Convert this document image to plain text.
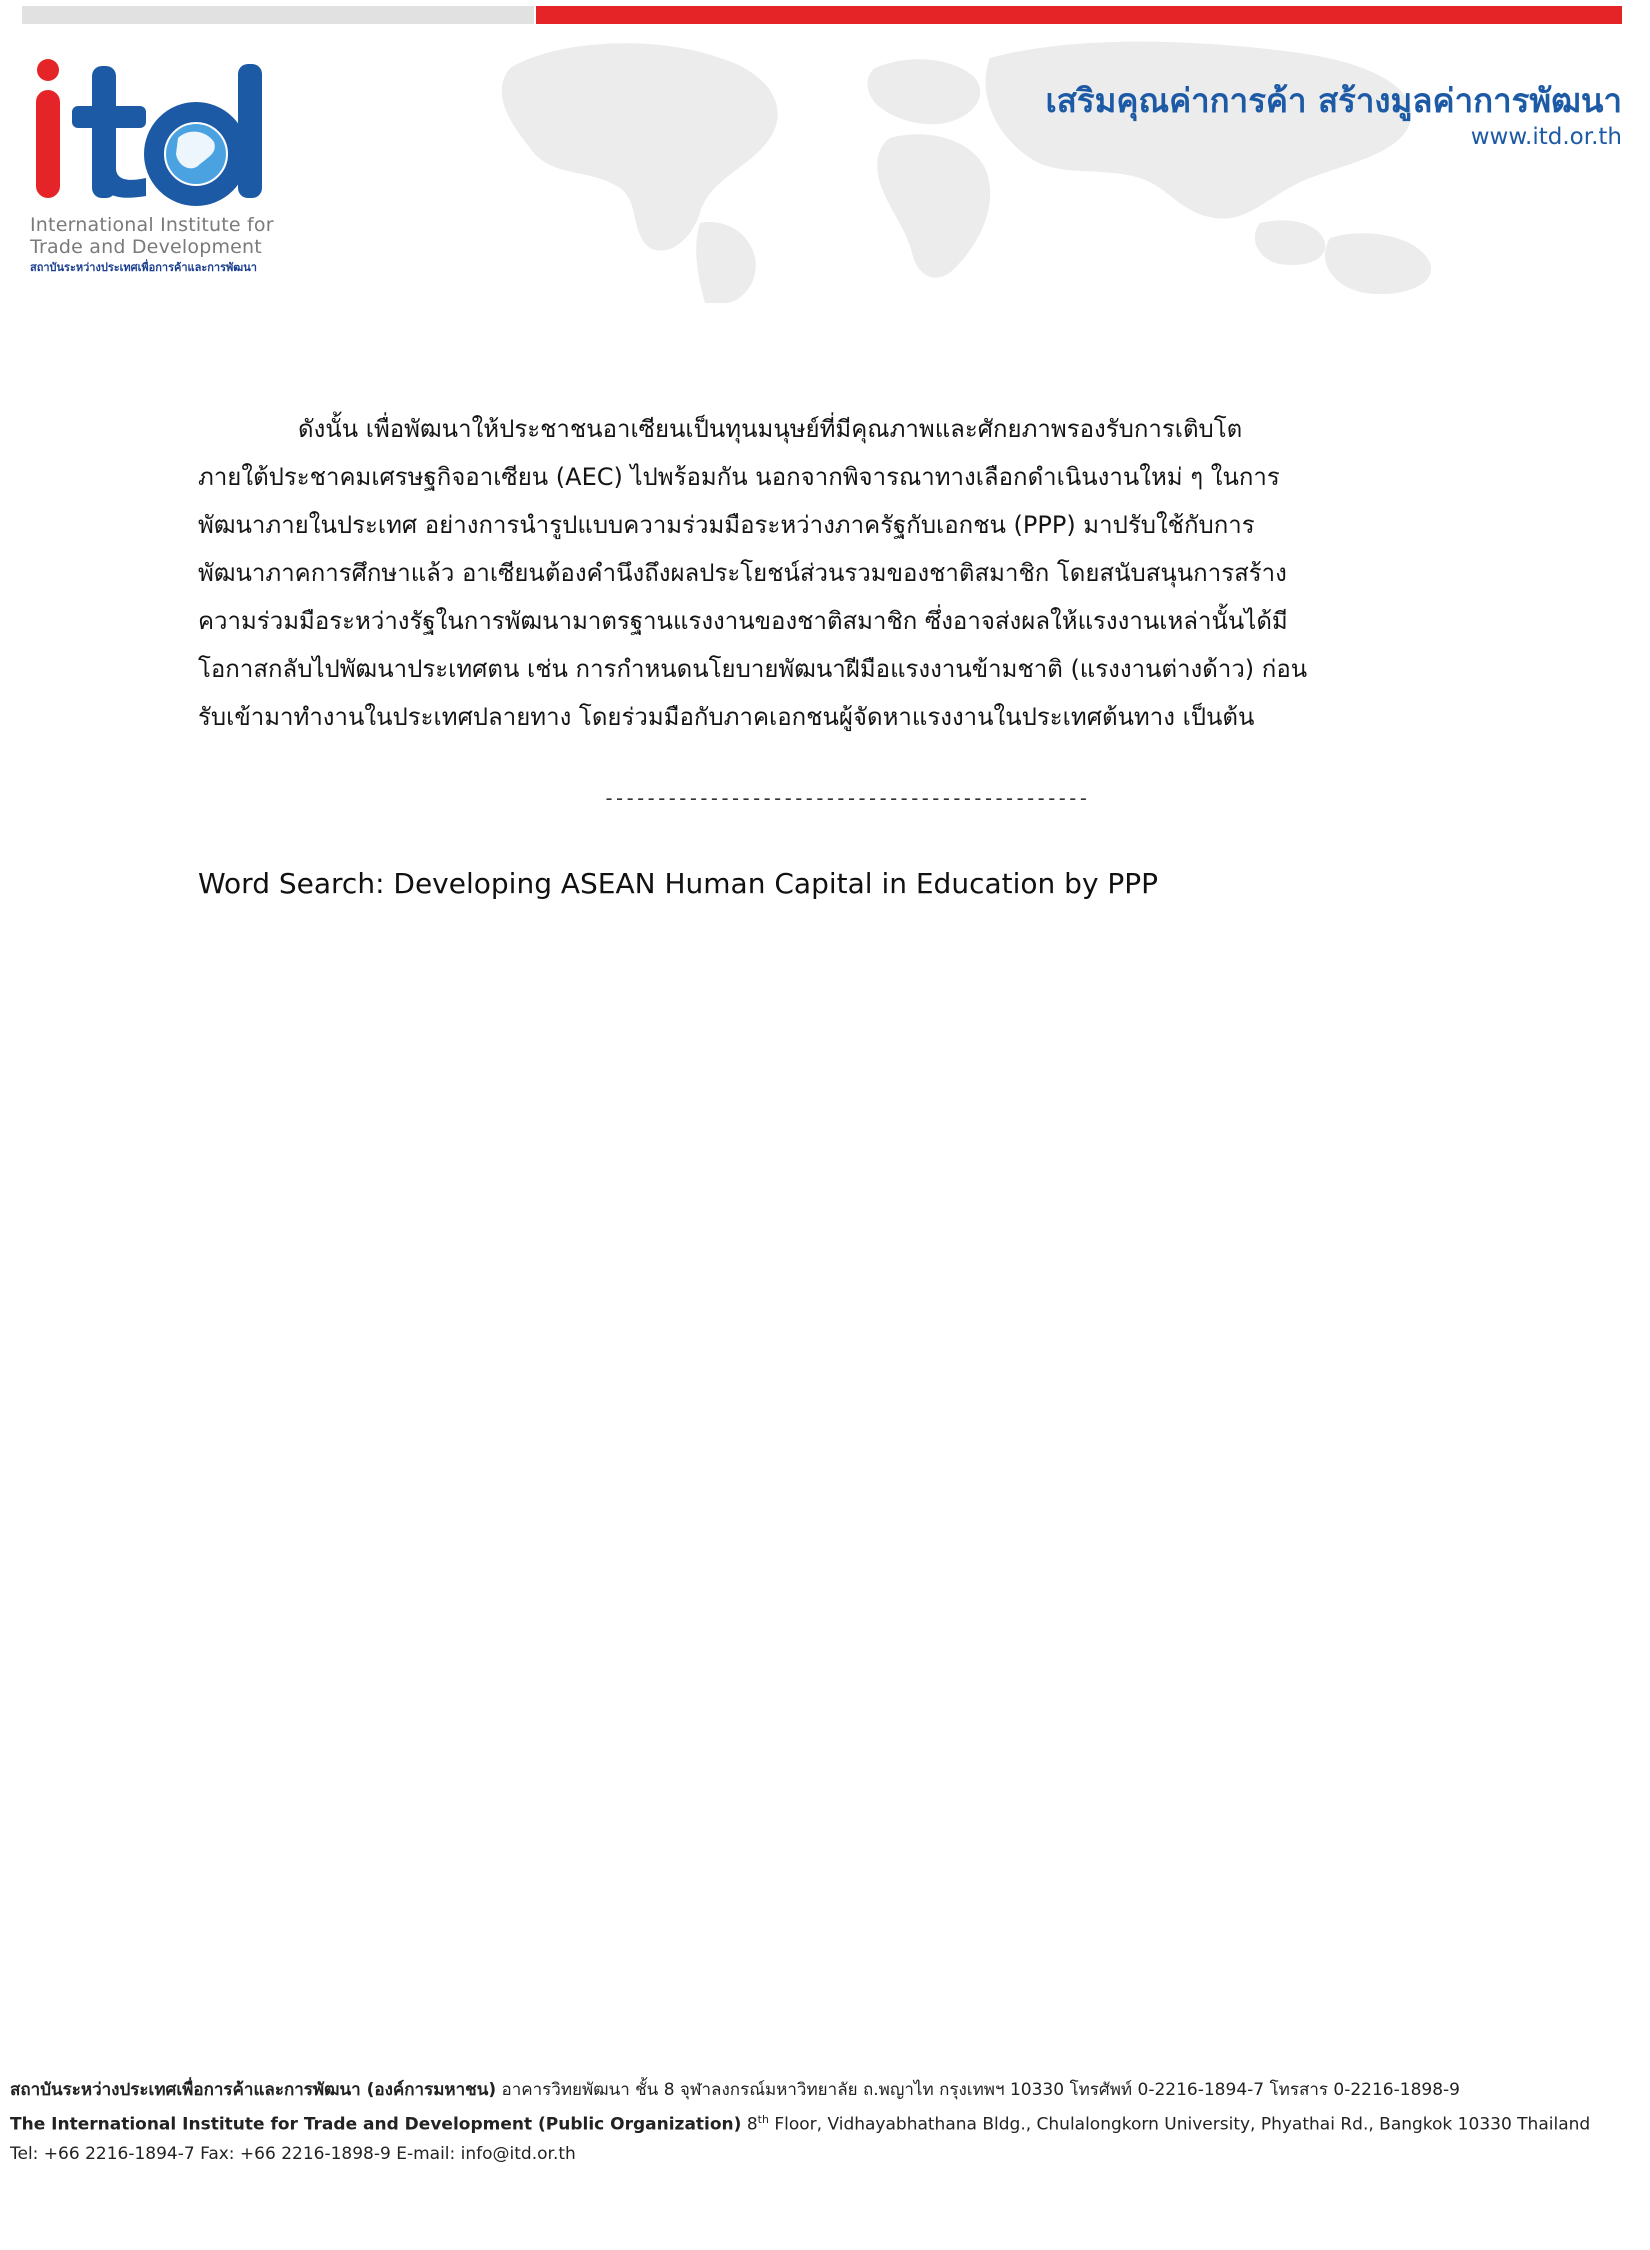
International Institute for
Trade and Development
สถาบันระหว่างประเทศเพื่อการค้าและการพัฒนา
เสริมคุณค่าการค้า สร้างมูลค่าการพัฒนา
www.itd.or.th

ดังนั้น เพื่อพัฒนาให้ประชาชนอาเซียนเป็นทุนมนุษย์ที่มีคุณภาพและศักยภาพรองรับการเติบโต
ภายใต้ประชาคมเศรษฐกิจอาเซียน (AEC) ไปพร้อมกัน นอกจากพิจารณาทางเลือกดำเนินงานใหม่ ๆ ในการ
พัฒนาภายในประเทศ อย่างการนำรูปแบบความร่วมมือระหว่างภาครัฐกับเอกชน (PPP) มาปรับใช้กับการ
พัฒนาภาคการศึกษาแล้ว อาเซียนต้องคำนึงถึงผลประโยชน์ส่วนรวมของชาติสมาชิก โดยสนับสนุนการสร้าง
ความร่วมมือระหว่างรัฐในการพัฒนามาตรฐานแรงงานของชาติสมาชิก ซึ่งอาจส่งผลให้แรงงานเหล่านั้นได้มี
โอกาสกลับไปพัฒนาประเทศตน เช่น การกำหนดนโยบายพัฒนาฝีมือแรงงานข้ามชาติ (แรงงานต่างด้าว) ก่อน
รับเข้ามาทำงานในประเทศปลายทาง โดยร่วมมือกับภาคเอกชนผู้จัดหาแรงงานในประเทศต้นทาง เป็นต้น

----------------------------------------------
Word Search: Developing ASEAN Human Capital in Education by PPP
สถาบันระหว่างประเทศเพื่อการค้าและการพัฒนา (องค์การมหาชน) อาคารวิทยพัฒนา ชั้น 8 จุฬาลงกรณ์มหาวิทยาลัย ถ.พญาไท กรุงเทพฯ 10330 โทรศัพท์ 0-2216-1894-7 โทรสาร 0-2216-1898-9
The International Institute for Trade and Development (Public Organization) 8th Floor, Vidhayabhathana Bldg., Chulalongkorn University, Phyathai Rd., Bangkok 10330 Thailand
Tel: +66 2216-1894-7 Fax: +66 2216-1898-9 E-mail: info@itd.or.th
